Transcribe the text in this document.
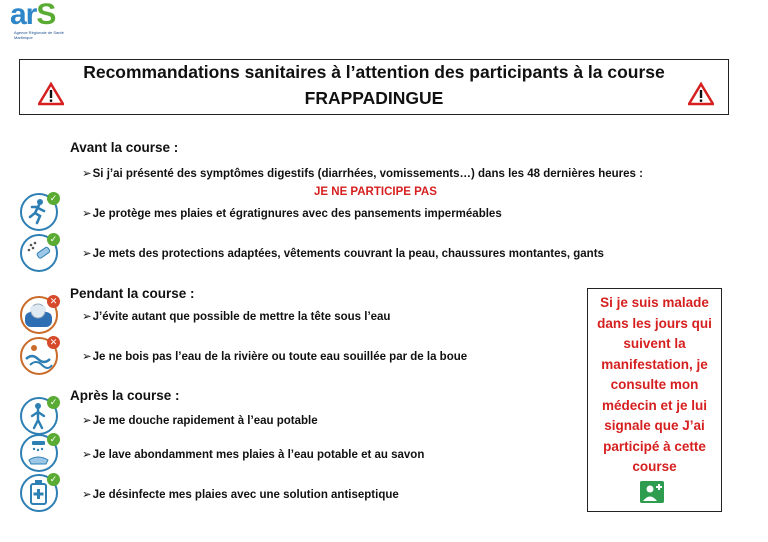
arS
Agence Régionale de Santé Martinique
Recommandations sanitaires à l’attention des participants à la course
FRAPPADINGUE
Avant la course :
➢Si j’ai présenté des symptômes digestifs (diarrhées, vomissements…) dans les 48 dernières heures :
JE NE PARTICIPE PAS
✓
➢Je protège mes plaies et égratignures avec des pansements imperméables
✓
➢Je mets des protections adaptées, vêtements couvrant la peau, chaussures montantes, gants
Pendant la course :
✕
➢J’évite autant que possible de mettre la tête sous l’eau
✕
➢Je ne bois pas l’eau de la rivière ou toute eau souillée par de la boue
Après la course :
✓
➢Je me douche rapidement à l’eau potable
✓
➢Je lave abondamment mes plaies à l’eau potable et au savon
✓
➢Je désinfecte mes plaies avec une solution antiseptique
Si je suis malade
dans les jours qui
suivent la
manifestation, je
consulte mon
médecin et je lui
signale que J’ai
participé à cette
course
